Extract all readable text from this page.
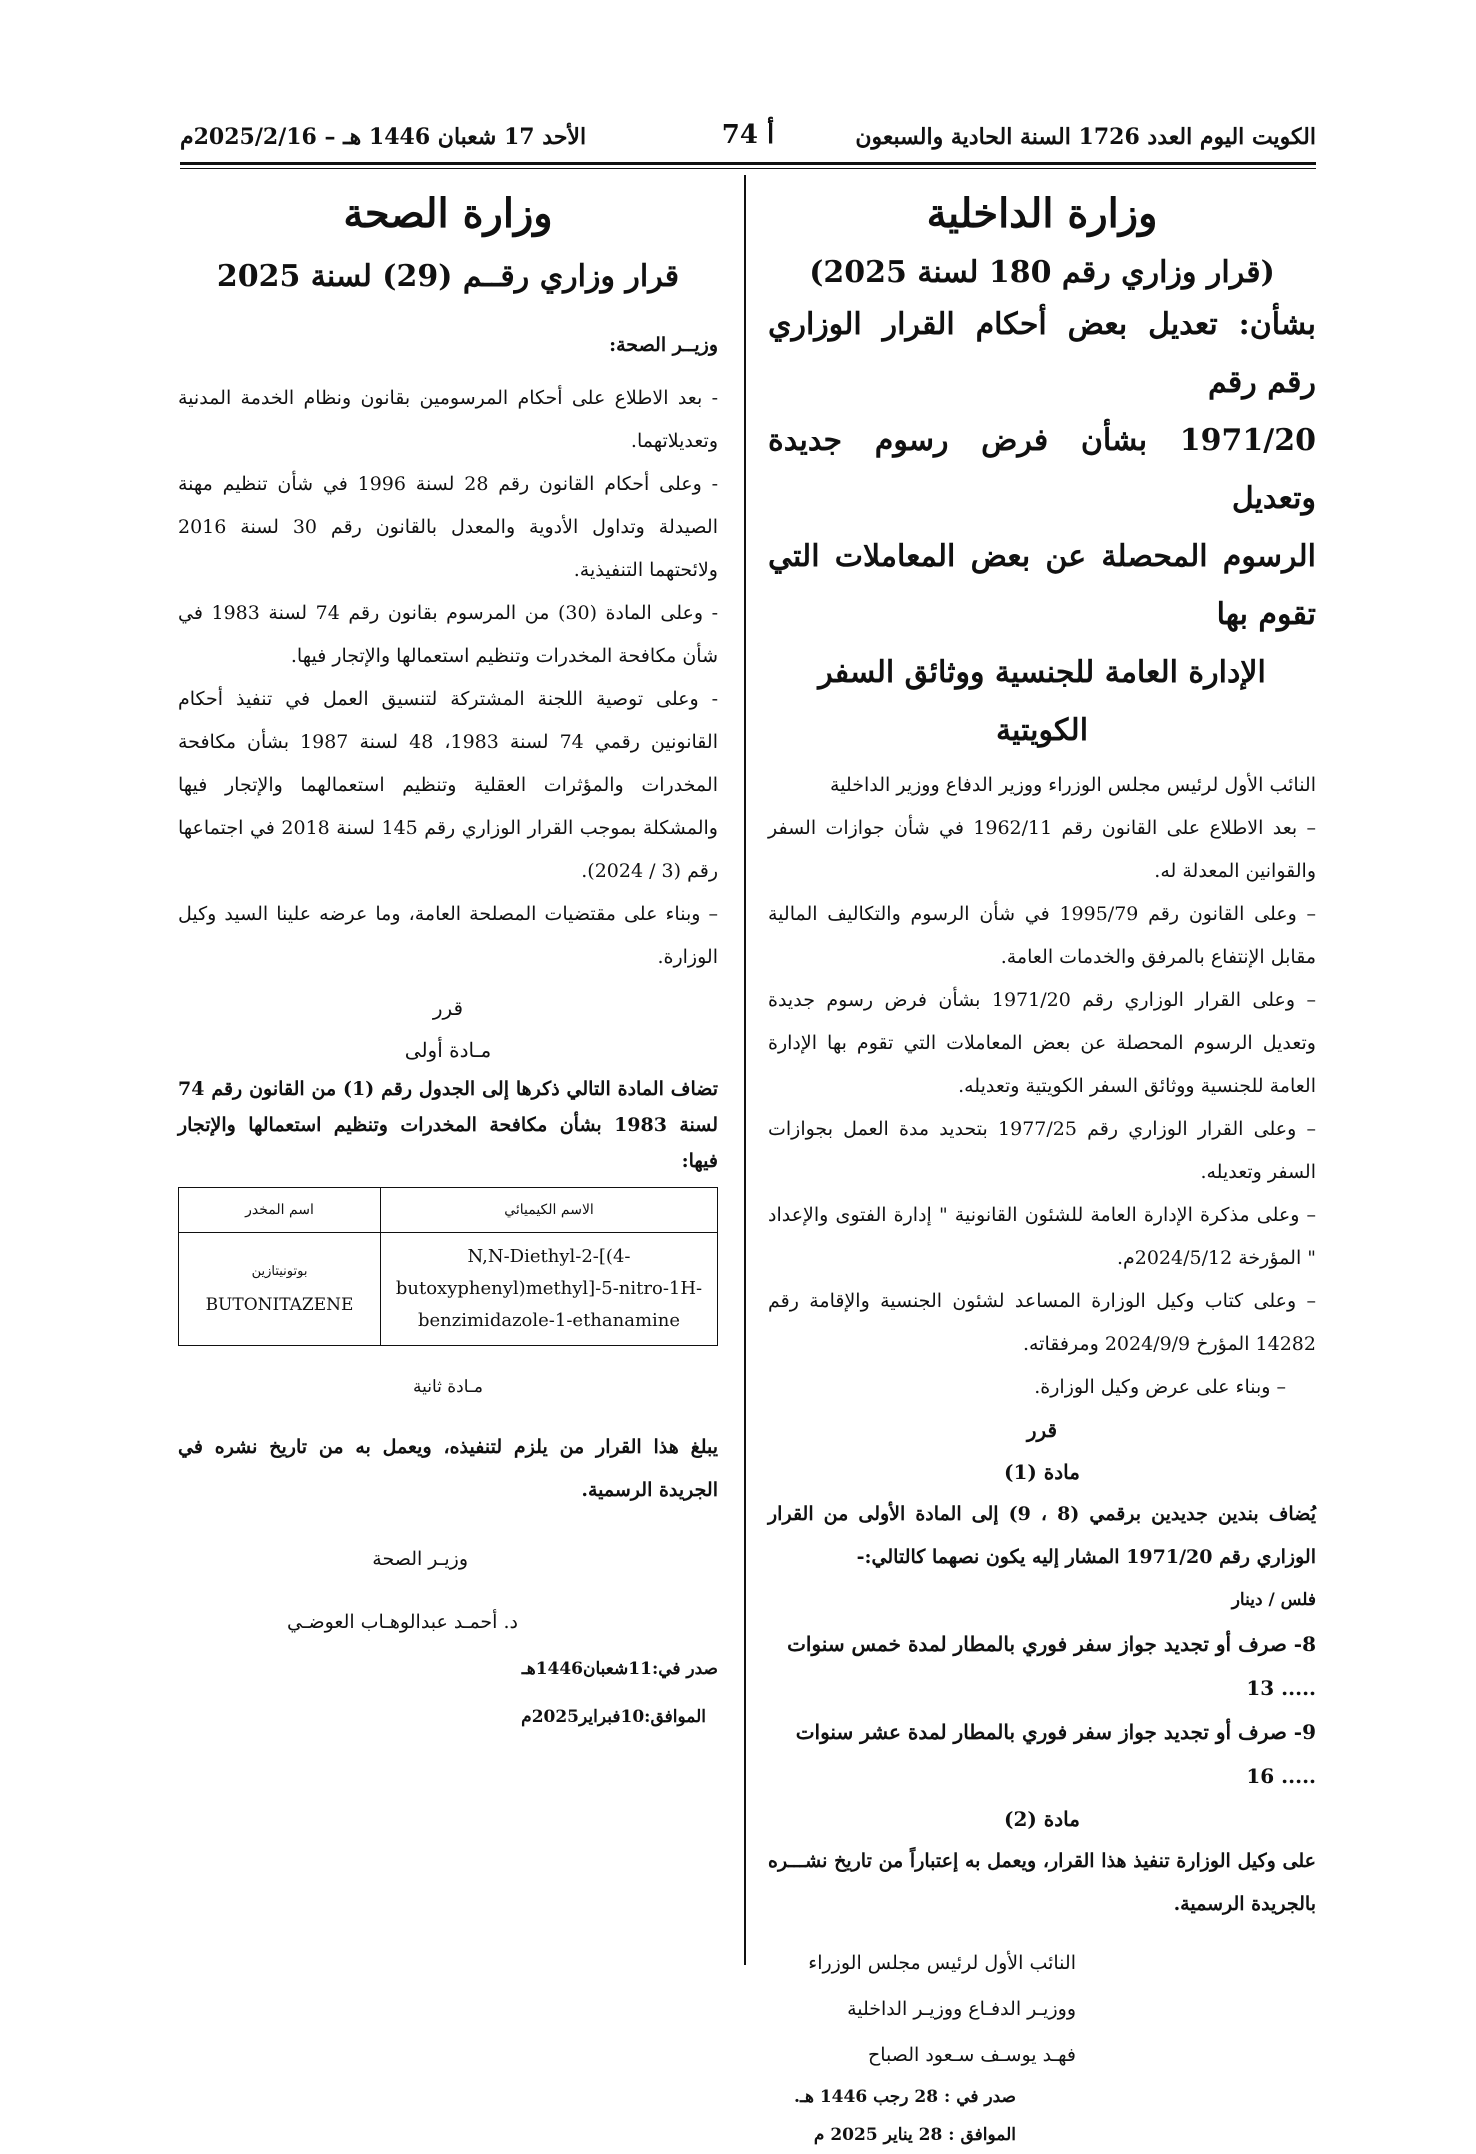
الكويت اليوم العدد 1726 السنة الحادية والسبعون
أ 74
الأحد 17 شعبان 1446 هـ – 2025/2/16م
وزارة الداخلية
(قرار وزاري رقم 180 لسنة 2025)
بشأن: تعديل بعض أحكام القرار الوزاري رقم رقم
1971/20 بشأن فرض رسوم جديدة وتعديل
الرسوم المحصلة عن بعض المعاملات التي تقوم بها

الإدارة العامة للجنسية ووثائق السفر الكويتية

النائب الأول لرئيس مجلس الوزراء ووزير الدفاع ووزير الداخلية

– بعد الاطلاع على القانون رقم 1962/11 في شأن جوازات السفر والقوانين المعدلة له.

– وعلى القانون رقم 1995/79 في شأن الرسوم والتكاليف المالية مقابل الإنتفاع بالمرفق والخدمات العامة.

– وعلى القرار الوزاري رقم 1971/20 بشأن فرض رسوم جديدة وتعديل الرسوم المحصلة عن بعض المعاملات التي تقوم بها الإدارة العامة للجنسية ووثائق السفر الكويتية وتعديله.

– وعلى القرار الوزاري رقم 1977/25 بتحديد مدة العمل بجوازات السفر وتعديله.

– وعلى مذكرة الإدارة العامة للشئون القانونية " إدارة الفتوى والإعداد " المؤرخة 2024/5/12م.

– وعلى كتاب وكيل الوزارة المساعد لشئون الجنسية والإقامة رقم 14282 المؤرخ 2024/9/9 ومرفقاته.

– وبناء على عرض وكيل الوزارة.

قرر
مادة (1)

يُضاف بندين جديدين برقمي (8 ، 9) إلى المادة الأولى من القرار الوزاري رقم 1971/20 المشار إليه يكون نصهما كالتالي:-

فلس / دينار

8- صرف أو تجديد جواز سفر فوري بالمطار لمدة خمس سنوات ..... 13

9- صرف أو تجديد جواز سفر فوري بالمطار لمدة عشر سنوات ..... 16

مادة (2)

على وكيل الوزارة تنفيذ هذا القرار، ويعمل به إعتباراً من تاريخ نشـــره بالجريدة الرسمية.

النائب الأول لرئيس مجلس الوزراء
ووزيـر الدفـاع ووزيـر الداخلية
فهـد يوسـف سـعود الصباح
صدر في : 28 رجب 1446 هـ.
الموافق : 28 يناير 2025 م
وزارة الصحة
قرار وزاري رقــم (29) لسنة 2025

وزيــر الصحة:

- بعد الاطلاع على أحكام المرسومين بقانون ونظام الخدمة المدنية وتعديلاتهما.

- وعلى أحكام القانون رقم 28 لسنة 1996 في شأن تنظيم مهنة الصيدلة وتداول الأدوية والمعدل بالقانون رقم 30 لسنة 2016 ولائحتهما التنفيذية.

- وعلى المادة (30) من المرسوم بقانون رقم 74 لسنة 1983 في شأن مكافحة المخدرات وتنظيم استعمالها والإتجار فيها.

- وعلى توصية اللجنة المشتركة لتنسيق العمل في تنفيذ أحكام القانونين رقمي 74 لسنة 1983، 48 لسنة 1987 بشأن مكافحة المخدرات والمؤثرات العقلية وتنظيم استعمالهما والإتجار فيها والمشكلة بموجب القرار الوزاري رقم 145 لسنة 2018 في اجتماعها رقم (3 / 2024).

– وبناء على مقتضيات المصلحة العامة، وما عرضه علينا السيد وكيل الوزارة.

قرر
مـادة أولى

تضاف المادة التالي ذكرها إلى الجدول رقم (1) من القانون رقم 74 لسنة 1983 بشأن مكافحة المخدرات وتنظيم استعمالها والإتجار فيها:

الاسم الكيميائي	اسم المخدر
N,N-Diethyl-2-[(4-butoxyphenyl)methyl]-5-nitro-1H-benzimidazole-1-ethanamine	بوتونيتازين
BUTONITAZENE
مـادة ثانية

يبلغ هذا القرار من يلزم لتنفيذه، ويعمل به من تاريخ نشره في الجريدة الرسمية.

وزيـر الصحة

د. أحمـد عبدالوهـاب العوضـي

صدر في:11شعبان1446هـ
الموافق:10فبراير2025م
